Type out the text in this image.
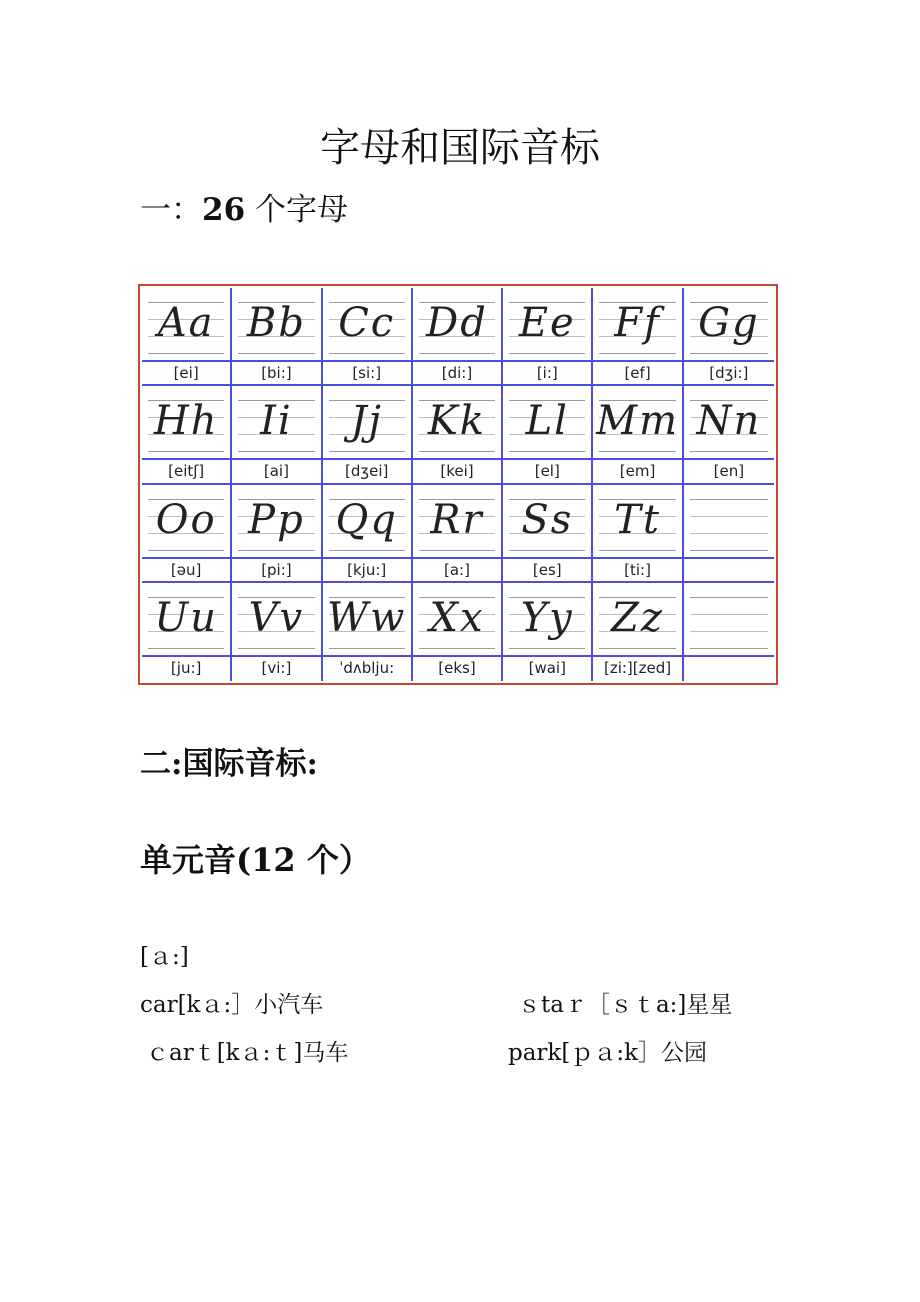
字母和国际音标
一：26 个字母
Aa
[ei]
Bb
[bi:]
Cc
[si:]
Dd
[di:]
Ee
[i:]
Ff
[ef]
Gg
[dʒi:]
Hh
[eitʃ]
Ii
[ai]
Jj
[dʒei]
Kk
[kei]
Ll
[el]
Mm
[em]
Nn
[en]
Oo
[əu]
Pp
[pi:]
Qq
[kju:]
Rr
[a:]
Ss
[es]
Tt
[ti:]
Uu
[ju:]
Vv
[vi:]
Ww
ˈdʌblju:
Xx
[eks]
Yy
[wai]
Zz
[zi:][zed]
二:国际音标:
单元音(12 个）
[ａ:]
car[kａ:］小汽车	ｓtaｒ［ｓｔa:]星星
ｃarｔ[kａ:ｔ]马车	park[ｐａ:k］公园
